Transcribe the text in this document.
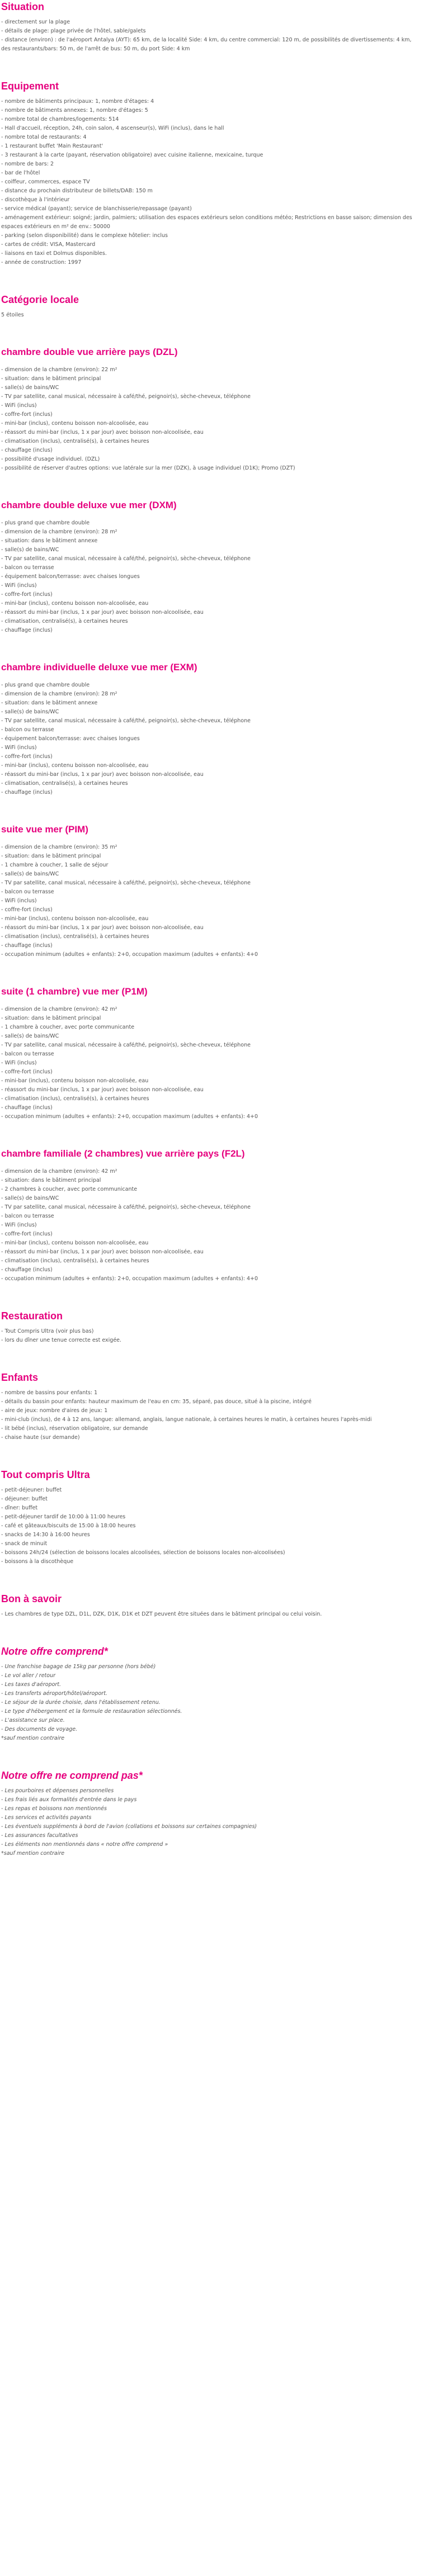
Situation
- directement sur la plage
- détails de plage: plage privée de l'hôtel, sable/galets
- distance (environ) : de l'aéroport Antalya (AYT): 65 km, de la localité Side: 4 km, du centre commercial: 120 m, de possibilités de divertissements: 4 km, des restaurants/bars: 50 m, de l'arrêt de bus: 50 m, du port Side: 4 km
Equipement
- nombre de bâtiments principaux: 1, nombre d'étages: 4
- nombre de bâtiments annexes: 1, nombre d'étages: 5
- nombre total de chambres/logements: 514
- Hall d'accueil, réception, 24h, coin salon, 4 ascenseur(s), WiFi (inclus), dans le hall
- nombre total de restaurants: 4
- 1 restaurant buffet 'Main Restaurant'
- 3 restaurant à la carte (payant, réservation obligatoire) avec cuisine italienne, mexicaine, turque
- nombre de bars: 2
- bar de l'hôtel
- coiffeur, commerces, espace TV
- distance du prochain distributeur de billets/DAB: 150 m
- discothèque à l'intérieur
- service médical (payant); service de blanchisserie/repassage (payant)
- aménagement extérieur: soigné; jardin, palmiers; utilisation des espaces extérieurs selon conditions météo; Restrictions en basse saison; dimension des espaces extérieurs en m² de env.: 50000
- parking (selon disponibilité) dans le complexe hôtelier: inclus
- cartes de crédit: VISA, Mastercard
- liaisons en taxi et Dolmus disponibles.
- année de construction: 1997
Catégorie locale
5 étoiles
chambre double vue arrière pays (DZL)
- dimension de la chambre (environ): 22 m²
- situation: dans le bâtiment principal
- salle(s) de bains/WC
- TV par satellite, canal musical, nécessaire à café/thé, peignoir(s), sèche-cheveux, téléphone
- WiFi (inclus)
- coffre-fort (inclus)
- mini-bar (inclus), contenu boisson non-alcoolisée, eau
- réassort du mini-bar (inclus, 1 x par jour) avec boisson non-alcoolisée, eau
- climatisation (inclus), centralisé(s), à certaines heures
- chauffage (inclus)
- possibilité d'usage individuel. (DZL)
- possibilité de réserver d'autres options: vue latérale sur la mer (DZK), à usage individuel (D1K); Promo (DZT)
chambre double deluxe vue mer (DXM)
- plus grand que chambre double
- dimension de la chambre (environ): 28 m²
- situation: dans le bâtiment annexe
- salle(s) de bains/WC
- TV par satellite, canal musical, nécessaire à café/thé, peignoir(s), sèche-cheveux, téléphone
- balcon ou terrasse
- équipement balcon/terrasse: avec chaises longues
- WiFi (inclus)
- coffre-fort (inclus)
- mini-bar (inclus), contenu boisson non-alcoolisée, eau
- réassort du mini-bar (inclus, 1 x par jour) avec boisson non-alcoolisée, eau
- climatisation, centralisé(s), à certaines heures
- chauffage (inclus)
chambre individuelle deluxe vue mer (EXM)
- plus grand que chambre double
- dimension de la chambre (environ): 28 m²
- situation: dans le bâtiment annexe
- salle(s) de bains/WC
- TV par satellite, canal musical, nécessaire à café/thé, peignoir(s), sèche-cheveux, téléphone
- balcon ou terrasse
- équipement balcon/terrasse: avec chaises longues
- WiFi (inclus)
- coffre-fort (inclus)
- mini-bar (inclus), contenu boisson non-alcoolisée, eau
- réassort du mini-bar (inclus, 1 x par jour) avec boisson non-alcoolisée, eau
- climatisation, centralisé(s), à certaines heures
- chauffage (inclus)
suite vue mer (PIM)
- dimension de la chambre (environ): 35 m²
- situation: dans le bâtiment principal
- 1 chambre à coucher, 1 salle de séjour
- salle(s) de bains/WC
- TV par satellite, canal musical, nécessaire à café/thé, peignoir(s), sèche-cheveux, téléphone
- balcon ou terrasse
- WiFi (inclus)
- coffre-fort (inclus)
- mini-bar (inclus), contenu boisson non-alcoolisée, eau
- réassort du mini-bar (inclus, 1 x par jour) avec boisson non-alcoolisée, eau
- climatisation (inclus), centralisé(s), à certaines heures
- chauffage (inclus)
- occupation minimum (adultes + enfants): 2+0, occupation maximum (adultes + enfants): 4+0
suite (1 chambre) vue mer (P1M)
- dimension de la chambre (environ): 42 m²
- situation: dans le bâtiment principal
- 1 chambre à coucher, avec porte communicante
- salle(s) de bains/WC
- TV par satellite, canal musical, nécessaire à café/thé, peignoir(s), sèche-cheveux, téléphone
- balcon ou terrasse
- WiFi (inclus)
- coffre-fort (inclus)
- mini-bar (inclus), contenu boisson non-alcoolisée, eau
- réassort du mini-bar (inclus, 1 x par jour) avec boisson non-alcoolisée, eau
- climatisation (inclus), centralisé(s), à certaines heures
- chauffage (inclus)
- occupation minimum (adultes + enfants): 2+0, occupation maximum (adultes + enfants): 4+0
chambre familiale (2 chambres) vue arrière pays (F2L)
- dimension de la chambre (environ): 42 m²
- situation: dans le bâtiment principal
- 2 chambres à coucher, avec porte communicante
- salle(s) de bains/WC
- TV par satellite, canal musical, nécessaire à café/thé, peignoir(s), sèche-cheveux, téléphone
- balcon ou terrasse
- WiFi (inclus)
- coffre-fort (inclus)
- mini-bar (inclus), contenu boisson non-alcoolisée, eau
- réassort du mini-bar (inclus, 1 x par jour) avec boisson non-alcoolisée, eau
- climatisation (inclus), centralisé(s), à certaines heures
- chauffage (inclus)
- occupation minimum (adultes + enfants): 2+0, occupation maximum (adultes + enfants): 4+0
Restauration
- Tout Compris Ultra (voir plus bas)
- lors du dîner une tenue correcte est exigée.
Enfants
- nombre de bassins pour enfants: 1
- détails du bassin pour enfants: hauteur maximum de l'eau en cm: 35, séparé, pas douce, situé à la piscine, intégré
- aire de jeux: nombre d'aires de jeux: 1
- mini-club (inclus), de 4 à 12 ans, langue: allemand, anglais, langue nationale, à certaines heures le matin, à certaines heures l'après-midi
- lit bébé (inclus), réservation obligatoire, sur demande
- chaise haute (sur demande)
Tout compris Ultra
- petit-déjeuner: buffet
- déjeuner: buffet
- dîner: buffet
- petit-déjeuner tardif de 10:00 à 11:00 heures
- café et gâteaux/biscuits de 15:00 à 18:00 heures
- snacks de 14:30 à 16:00 heures
- snack de minuit
- boissons 24h/24 (sélection de boissons locales alcoolisées, sélection de boissons locales non-alcoolisées)
- boissons à la discothèque
Bon à savoir
- Les chambres de type DZL, D1L, DZK, D1K, D1K et DZT peuvent être situées dans le bâtiment principal ou celui voisin.
Notre offre comprend*
- Une franchise bagage de 15kg par personne (hors bébé)
- Le vol aller / retour
- Les taxes d'aéroport.
- Les transferts aéroport/hôtel/aéroport.
- Le séjour de la durée choisie, dans l'établissement retenu.
- Le type d'hébergement et la formule de restauration sélectionnés.
- L'assistance sur place.
- Des documents de voyage.
*sauf mention contraire
Notre offre ne comprend pas*
- Les pourboires et dépenses personnelles
- Les frais liés aux formalités d'entrée dans le pays
- Les repas et boissons non mentionnés
- Les services et activités payants
- Les éventuels suppléments à bord de l'avion (collations et boissons sur certaines compagnies)
- Les assurances facultatives
- Les éléments non mentionnés dans « notre offre comprend »
*sauf mention contraire
